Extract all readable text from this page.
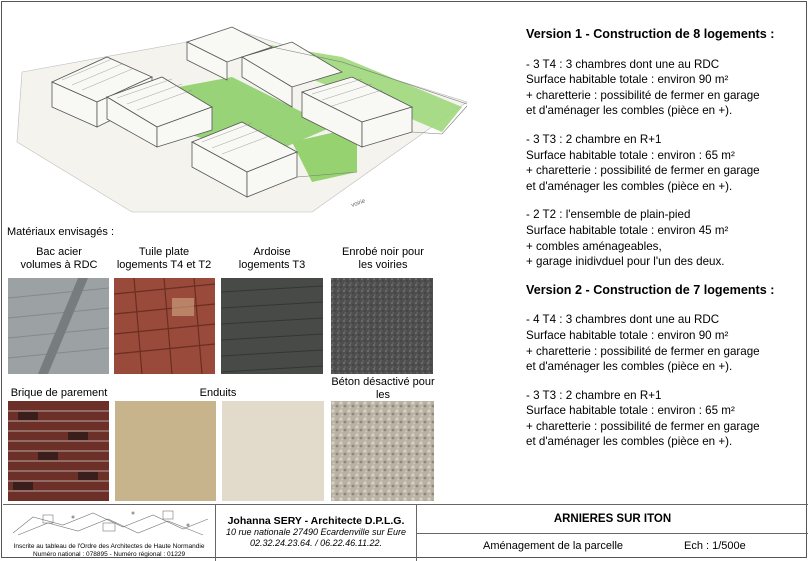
voirie
Matériaux envisagés :
Bac acier
volumes à RDC
Tuile plate
logements T4 et T2
Ardoise
logements T3
Enrobé noir pour
les voiries
Brique de parement	Enduits
Béton désactivé pour les
Version 1 - Construction de 8 logements :
- 3 T4 : 3 chambres dont une au RDC
Surface habitable totale : environ 90 m²
+ charetterie : possibilité de fermer en garage
et d'aménager les combles (pièce en +).
- 3 T3 : 2 chambre en R+1
Surface habitable totale : environ : 65 m²
+ charetterie : possibilité de fermer en garage
et d'aménager les combles (pièce en +).
- 2 T2 : l'ensemble de plain-pied
Surface habitable totale : environ 45 m²
+ combles aménageables,
+ garage inidivduel pour l'un des deux.
Version 2 - Construction de 7 logements :
- 4 T4 : 3 chambres dont une au RDC
Surface habitable totale : environ 90 m²
+ charetterie : possibilité de fermer en garage
et d'aménager les combles (pièce en +).
- 3 T3 : 2 chambre en R+1
Surface habitable totale : environ : 65 m²
+ charetterie : possibilité de fermer en garage
et d'aménager les combles (pièce en +).
Inscrite au tableau de l'Ordre des Architectes de Haute Normandie
Numéro national : 078895 - Numéro régional : 01229
Johanna SERY - Architecte D.P.L.G.
10 rue nationale 27490 Ecardenville sur Eure
02.32.24.23.64. / 06.22.46.11.22.
ARNIERES SUR ITON
Aménagement de la parcelle	Ech : 1/500e
